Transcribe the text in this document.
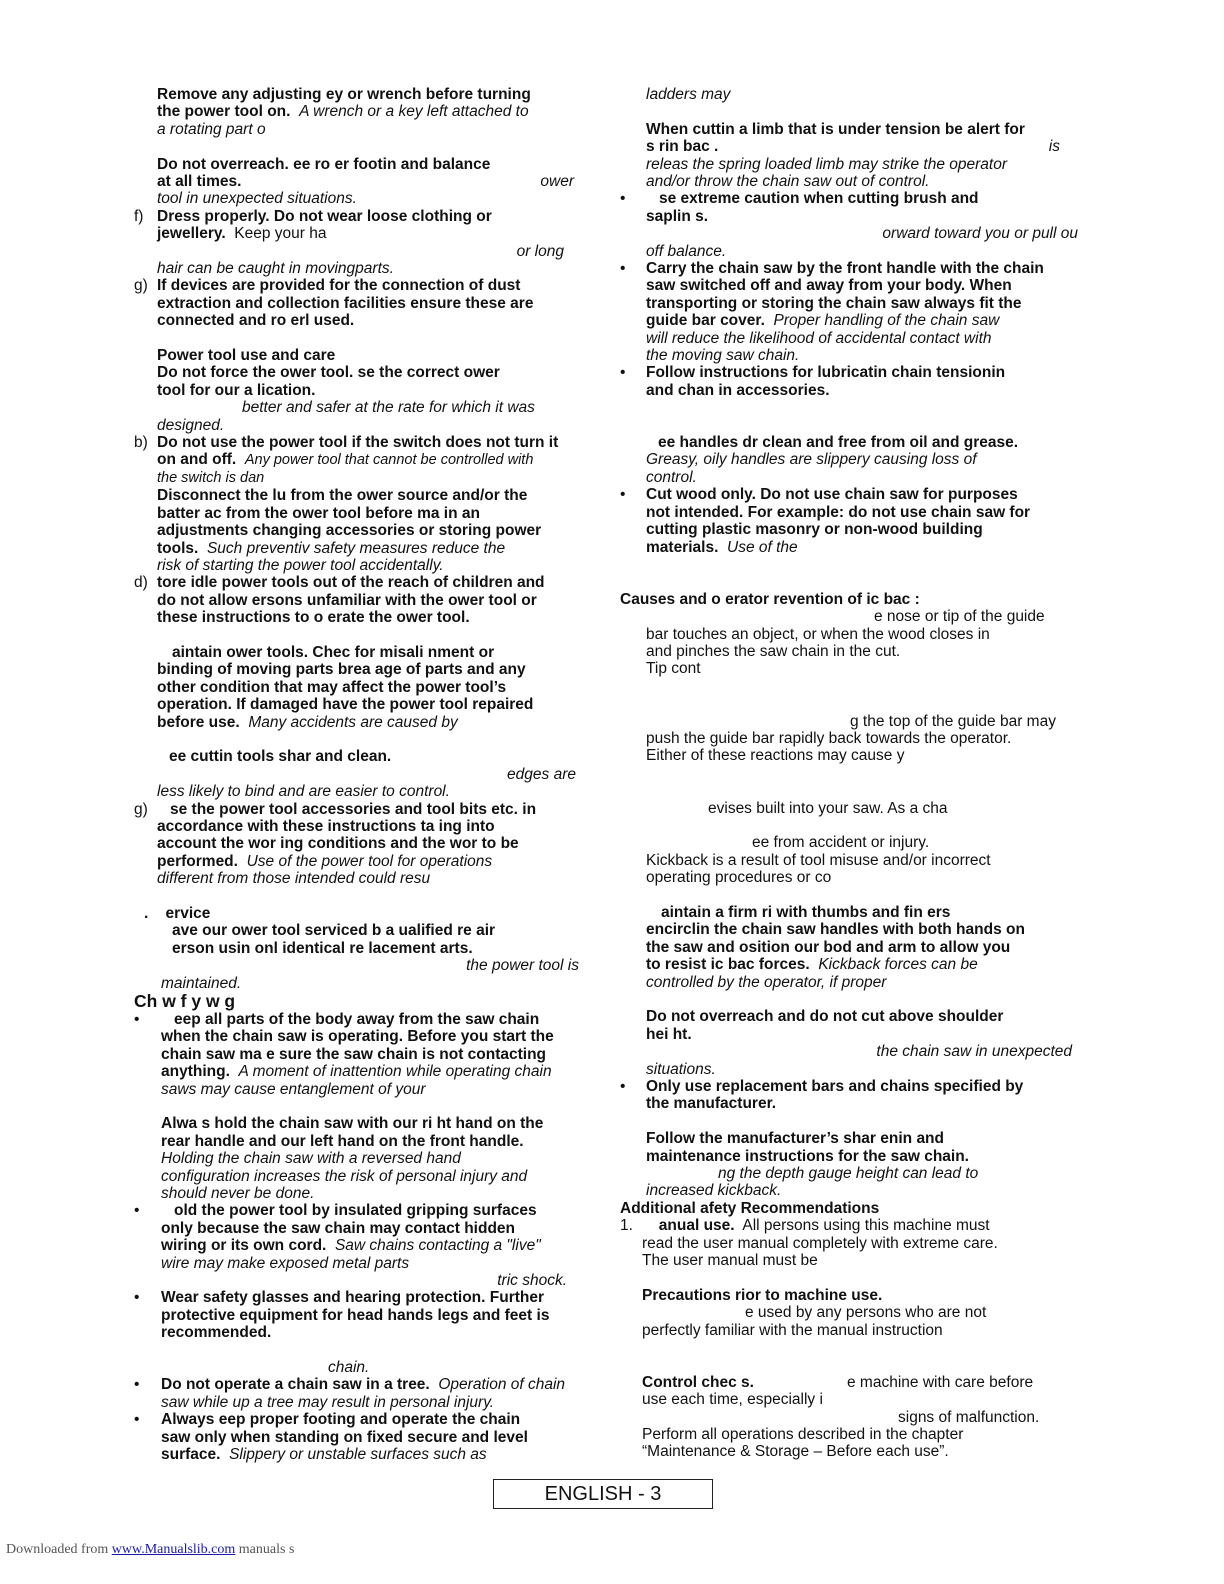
Remove any adjusting ey or wrench before turning
the power tool on. A wrench or a key left attached to
a rotating part o
Do not overreach. ee ro er footin and balance
at all times.	ower
tool in unexpected situations.
f) Dress properly. Do not wear loose clothing or
jewellery. Keep your ha
or long
hair can be caught in movingparts.
g) If devices are provided for the connection of dust
extraction and collection facilities ensure these are
connected and ro erl used.
Power tool use and care
Do not force the ower tool. se the correct ower
tool for our a lication.
better and safer at the rate for which it was
designed.
b) Do not use the power tool if the switch does not turn it
on and off. Any power tool that cannot be controlled with
the switch is dan
Disconnect the lu from the ower source and/or the
batter ac from the ower tool before ma in an
adjustments changing accessories or storing power
tools. Such preventiv safety measures reduce the
risk of starting the power tool accidentally.
d) tore idle power tools out of the reach of children and
do not allow ersons unfamiliar with the ower tool or
these instructions to o erate the ower tool.
aintain ower tools. Chec for misali nment or
binding of moving parts brea age of parts and any
other condition that may affect the power tool’s
operation. If damaged have the power tool repaired
before use. Many accidents are caused by
ee cuttin tools shar and clean.
edges are
less likely to bind and are easier to control.
g)	se the power tool accessories and tool bits etc. in
accordance with these instructions ta ing into
account the wor ing conditions and the wor to be
performed. Use of the power tool for operations
different from those intended could resu
. ervice
ave our ower tool serviced b a ualified re air
erson usin onl identical re lacement arts.
the power tool is
maintained.
Ch w f y w g
•	eep all parts of the body away from the saw chain
when the chain saw is operating. Before you start the
chain saw ma e sure the saw chain is not contacting
anything. A moment of inattention while operating chain
saws may cause entanglement of your
Alwa s hold the chain saw with our ri ht hand on the
rear handle and our left hand on the front handle.
Holding the chain saw with a reversed hand
configuration increases the risk of personal injury and
should never be done.
•	old the power tool by insulated gripping surfaces
only because the saw chain may contact hidden
wiring or its own cord. Saw chains contacting a "live"
wire may make exposed metal parts
tric shock.
• Wear safety glasses and hearing protection. Further
protective equipment for head hands legs and feet is
recommended.
chain.
• Do not operate a chain saw in a tree. Operation of chain
saw while up a tree may result in personal injury.
• Always eep proper footing and operate the chain
saw only when standing on fixed secure and level
surface. Slippery or unstable surfaces such as
ladders may
When cuttin a limb that is under tension be alert for
s rin bac .	is
releas the spring loaded limb may strike the operator
and/or throw the chain saw out of control.
•	se extreme caution when cutting brush and
saplin s.
orward toward you or pull ou
off balance.
• Carry the chain saw by the front handle with the chain
saw switched off and away from your body. When
transporting or storing the chain saw always fit the
guide bar cover. Proper handling of the chain saw
will reduce the likelihood of accidental contact with
the moving saw chain.
• Follow instructions for lubricatin chain tensionin
and chan in accessories.
ee handles dr clean and free from oil and grease.
Greasy, oily handles are slippery causing loss of
control.
• Cut wood only. Do not use chain saw for purposes
not intended. For example: do not use chain saw for
cutting plastic masonry or non-wood building
materials. Use of the
Causes and o erator revention of ic bac :
e nose or tip of the guide
bar touches an object, or when the wood closes in
and pinches the saw chain in the cut.
Tip cont
g the top of the guide bar may
push the guide bar rapidly back towards the operator.
Either of these reactions may cause y
evises built into your saw. As a cha
ee from accident or injury.
Kickback is a result of tool misuse and/or incorrect
operating procedures or co
aintain a firm ri with thumbs and fin ers
encirclin the chain saw handles with both hands on
the saw and osition our bod and arm to allow you
to resist ic bac forces. Kickback forces can be
controlled by the operator, if proper
Do not overreach and do not cut above shoulder
hei ht.
the chain saw in unexpected
situations.
• Only use replacement bars and chains specified by
the manufacturer.
Follow the manufacturer’s shar enin and
maintenance instructions for the saw chain.
ng the depth gauge height can lead to
increased kickback.
Additional afety Recommendations
1. anual use. All persons using this machine must
read the user manual completely with extreme care.
The user manual must be
Precautions rior to machine use.
e used by any persons who are not
perfectly familiar with the manual instruction
Control chec s.	e machine with care before
use each time, especially i
signs of malfunction.
Perform all operations described in the chapter
“Maintenance & Storage – Before each use”.
ENGLISH - 3
Downloaded from www.Manualslib.com manuals s
